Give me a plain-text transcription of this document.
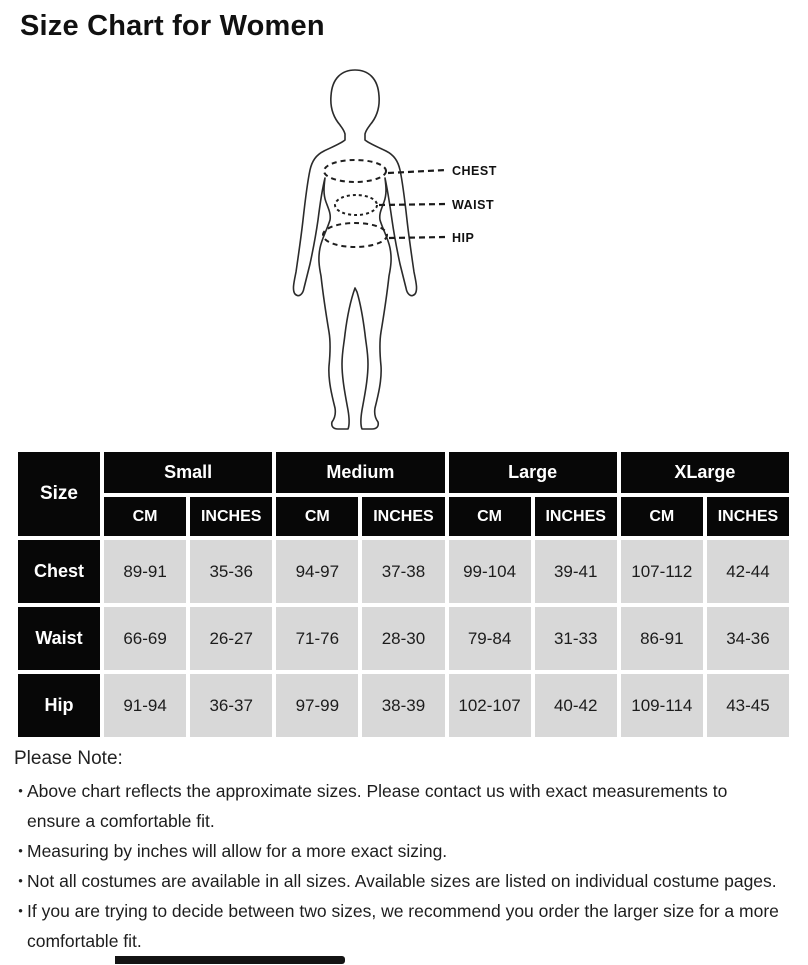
Size Chart for Women
CHEST
WAIST
HIP
Size
Small	Medium	Large	XLarge
CM	INCHES	CM	INCHES	CM	INCHES	CM	INCHES
Chest	89-91	35-36	94-97	37-38	99-104	39-41	107-112	42-44
Waist	66-69	26-27	71-76	28-30	79-84	31-33	86-91	34-36
Hip	91-94	36-37	97-99	38-39	102-107	40-42	109-114	43-45

Please Note:

• Above chart reflects the approximate sizes. Please contact us with exact measurements to
ensure a comfortable fit.
• Measuring by inches will allow for a more exact sizing.
• Not all costumes are available in all sizes. Available sizes are listed on individual costume pages.
• If you are trying to decide between two sizes, we recommend you order the larger size for a more
comfortable fit.
